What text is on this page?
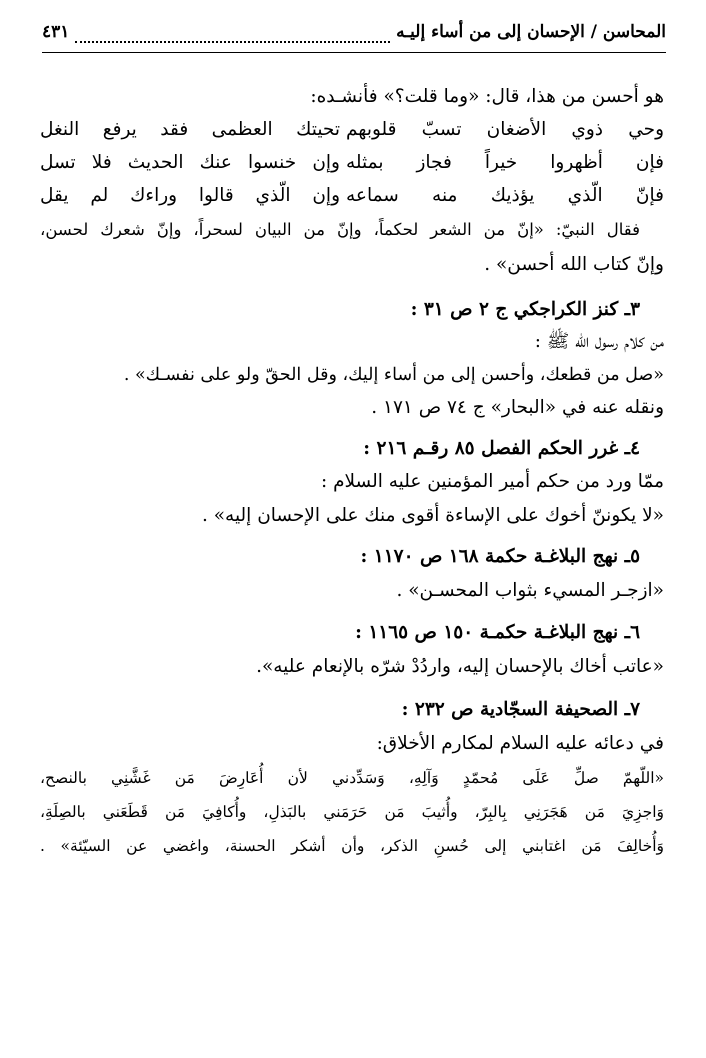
المحاسن / الإحسان إلى من أساء إليـه
٤٣١
هو أحسن من هذا، قال: «وما قلت؟» فأنشـده:
وحي ذوي الأضغان تسبّ قلوبهم
تحيتك العظمى فقد يرفع النغل
فإن أظهروا خيراً فجاز بمثله
وإن خنسوا عنك الحديث فلا تسل
فإنّ الّذي يؤذيك منه سماعه
وإن الّذي قالوا وراءك لم يقل
فقال النبيّ: «إنّ من الشعر لحكماً، وإنّ من البيان لسحراً، وإنّ شعرك لحسن،
وإنّ كتاب الله أحسن» .
٣ـ كنز الكراجكي ج ٢ ص ٣١ :
من كلام رسول الله ﷺ :
«صل من قطعك، وأحسن إلى من أساء إليك، وقل الحقّ ولو على نفسـك» .
ونقله عنه في «البحار» ج ٧٤ ص ١٧١ .
٤ـ غرر الحكم الفصل ٨٥ رقـم ٢١٦ :
ممّا ورد من حكم أمير المؤمنين عليه السلام :
«لا يكوننّ أخوك على الإساءة أقوى منك على الإحسان إليه» .
٥ـ نهج البلاغـة حكمة ١٦٨ ص ١١٧٠ :
«ازجـر المسيء بثواب المحسـن» .
٦ـ نهج البلاغـة حكمـة ١٥٠ ص ١١٦٥ :
«عاتب أخاك بالإحسان إليه، واردُدْ شرّه بالإنعام عليه».
٧ـ الصحيفة السجّادية ص ٢٣٢ :
في دعائه عليه السلام لمكارم الأخلاق:
«اللّهمّ صلِّ عَلَى مُحمّدٍ وَآلِهِ، وَسَدِّدني لأن أُعَارِضَ مَن غَشَّنِي بالنصح،
وَاجزِيَ مَن هَجَرَنِي بِالبِرّ، وأُثيبَ مَن حَرَمَني بالبَذلِ، وأُكافِيَ مَن قَطَعَني بالصِلَةِ،
وَأُخالِفَ مَن اغتابني إلى حُسنِ الذكر، وأن أشكر الحسنة، واغضي عن السيّئة» .
